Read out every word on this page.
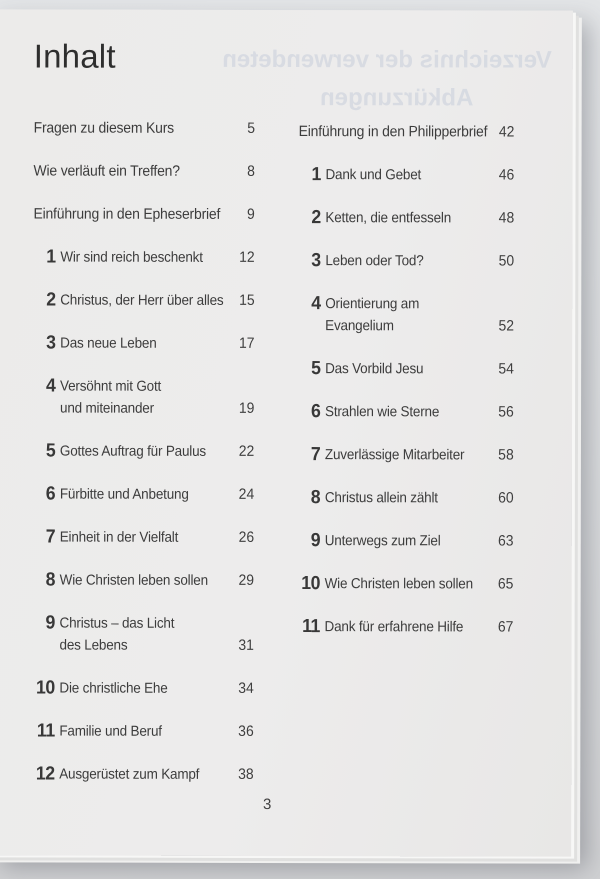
Verzeichnis der verwendeten
Abkürzungen
Inhalt
Fragen zu diesem Kurs	5
Wie verläuft ein Treffen?	8
Einführung in den Epheserbrief	9
1 Wir sind reich beschenkt	12
2 Christus, der Herr über alles	15
3 Das neue Leben	17
4 Versöhnt mit Gott
und miteinander	19
5 Gottes Auftrag für Paulus	22
6 Fürbitte und Anbetung	24
7 Einheit in der Vielfalt	26
8 Wie Christen leben sollen	29
9 Christus – das Licht
des Lebens	31
10 Die christliche Ehe	34
11 Familie und Beruf	36
12 Ausgerüstet zum Kampf	38
Einführung in den Philipperbrief 42
1 Dank und Gebet	46
2 Ketten, die entfesseln	48
3 Leben oder Tod?	50
4 Orientierung am
Evangelium	52
5 Das Vorbild Jesu	54
6 Strahlen wie Sterne	56
7 Zuverlässige Mitarbeiter	58
8 Christus allein zählt	60
9 Unterwegs zum Ziel	63
10 Wie Christen leben sollen	65
11 Dank für erfahrene Hilfe	67
3
